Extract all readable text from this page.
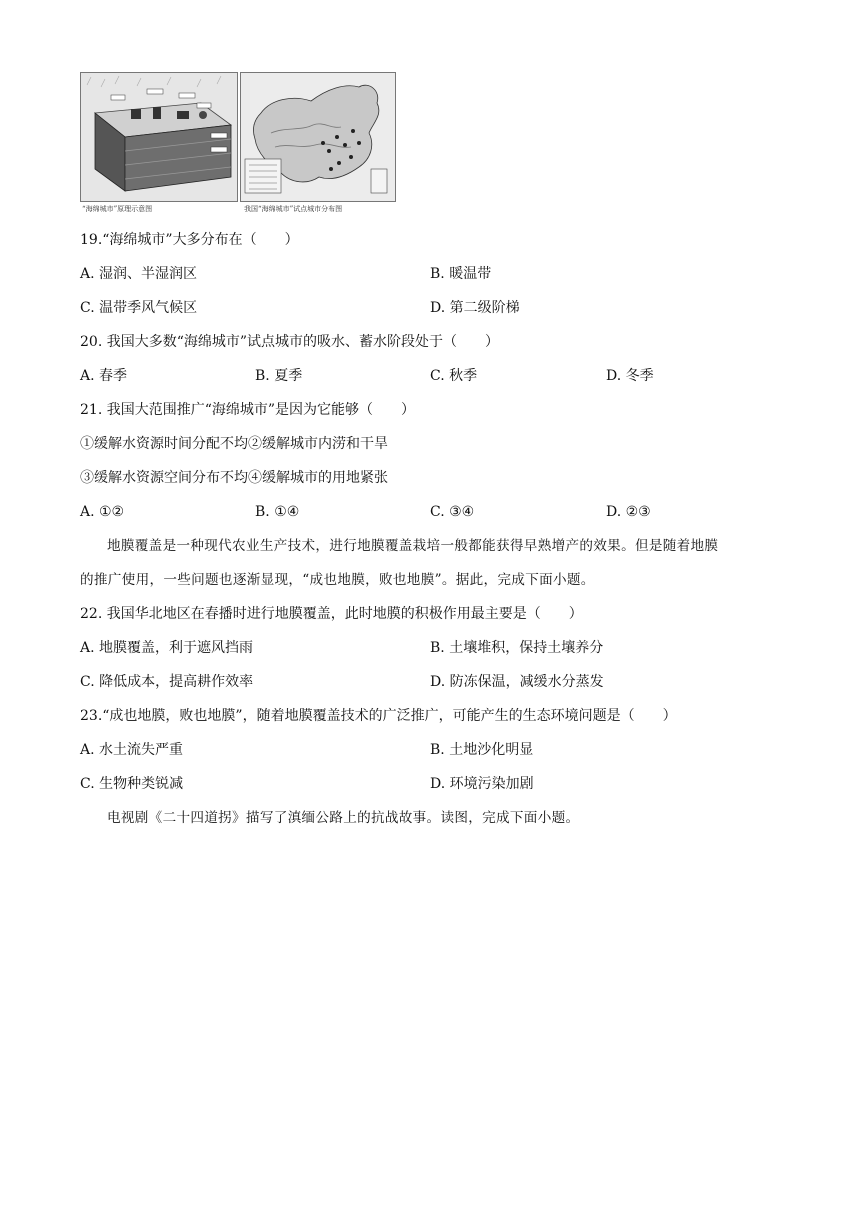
“海绵城市”原理示意图	我国“海绵城市”试点城市分布图
19.“海绵城市”大多分布在（　　）
A. 湿润、半湿润区	B. 暖温带
C. 温带季风气候区	D. 第二级阶梯
20. 我国大多数“海绵城市”试点城市的吸水、蓄水阶段处于（　　）
A. 春季	B. 夏季	C. 秋季	D. 冬季
21. 我国大范围推广“海绵城市”是因为它能够（　　）
①缓解水资源时间分配不均②缓解城市内涝和干旱
③缓解水资源空间分布不均④缓解城市的用地紧张
A. ①②	B. ①④	C. ③④	D. ②③
地膜覆盖是一种现代农业生产技术，进行地膜覆盖栽培一般都能获得早熟增产的效果。但是随着地膜
的推广使用，一些问题也逐渐显现，“成也地膜，败也地膜”。据此，完成下面小题。
22. 我国华北地区在春播时进行地膜覆盖，此时地膜的积极作用最主要是（　　）
A. 地膜覆盖，利于遮风挡雨	B. 土壤堆积，保持土壤养分
C. 降低成本，提高耕作效率	D. 防冻保温，减缓水分蒸发
23.“成也地膜，败也地膜”，随着地膜覆盖技术的广泛推广，可能产生的生态环境问题是（　　）
A. 水土流失严重	B. 土地沙化明显
C. 生物种类锐减	D. 环境污染加剧
电视剧《二十四道拐》描写了滇缅公路上的抗战故事。读图，完成下面小题。
